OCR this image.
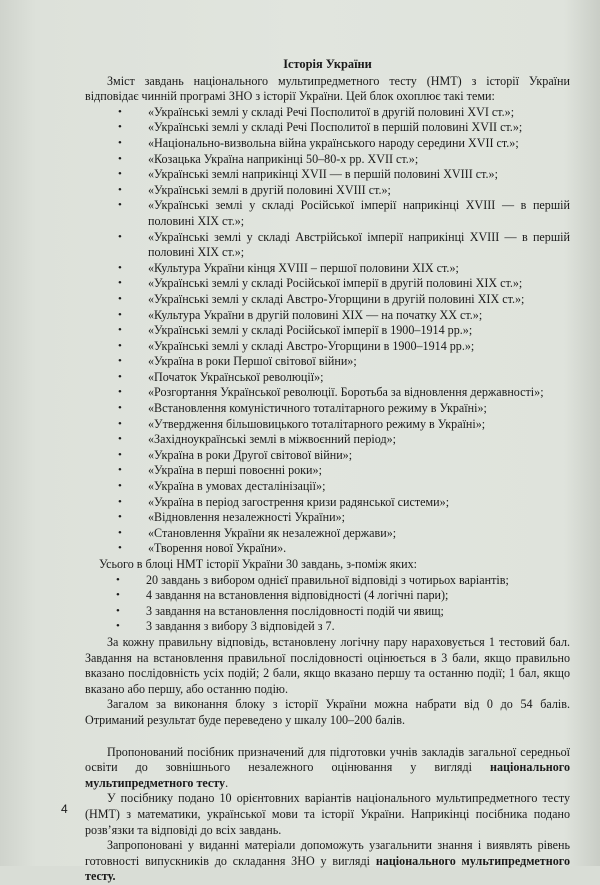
Історія України

Зміст завдань національного мультипредметного тесту (НМТ) з історії України відповідає чинній програмі ЗНО з історії України. Цей блок охоплює такі теми:

• «Українські землі у складі Речі Посполитої в другій половині XVI ст.»;
• «Українські землі у складі Речі Посполитої в першій половині XVII ст.»;
• «Національно-визвольна війна українського народу середини XVII ст.»;
• «Козацька Україна наприкінці 50–80-х рр. XVII ст.»;
• «Українські землі наприкінці XVII — в першій половині XVIII ст.»;
• «Українські землі в другій половині XVIII ст.»;
• «Українські землі у складі Російської імперії наприкінці XVIII — в першій половині XIX ст.»;
• «Українські землі у складі Австрійської імперії наприкінці XVIII — в першій половині XIX ст.»;
• «Культура України кінця XVIII – першої половини XIX ст.»;
• «Українські землі у складі Російської імперії в другій половині XIX ст.»;
• «Українські землі у складі Австро-Угорщини в другій половині XIX ст.»;
• «Культура України в другій половині XIX — на початку XX ст.»;
• «Українські землі у складі Російської імперії в 1900–1914 рр.»;
• «Українські землі у складі Австро-Угорщини в 1900–1914 рр.»;
• «Україна в роки Першої світової війни»;
• «Початок Української революції»;
• «Розгортання Української революції. Боротьба за відновлення державності»;
• «Встановлення комуністичного тоталітарного режиму в Україні»;
• «Утвердження більшовицького тоталітарного режиму в Україні»;
• «Західноукраїнські землі в міжвоєнний період»;
• «Україна в роки Другої світової війни»;
• «Україна в перші повоєнні роки»;
• «Україна в умовах десталінізації»;
• «Україна в період загострення кризи радянської системи»;
• «Відновлення незалежності України»;
• «Становлення України як незалежної держави»;
• «Творення нової України».

Усього в блоці НМТ історії України 30 завдань, з-поміж яких:

• 20 завдань з вибором однієї правильної відповіді з чотирьох варіантів;
• 4 завдання на встановлення відповідності (4 логічні пари);
• 3 завдання на встановлення послідовності подій чи явищ;
• 3 завдання з вибору 3 відповідей з 7.

За кожну правильну відповідь, встановлену логічну пару нараховується 1 тестовий бал. Завдання на встановлення правильної послідовності оцінюється в 3 бали, якщо правильно вказано послідовність усіх подій; 2 бали, якщо вказано першу та останню події; 1 бал, якщо вказано або першу, або останню подію.

Загалом за виконання блоку з історії України можна набрати від 0 до 54 балів. Отриманий результат буде переведено у шкалу 100–200 балів.

Пропонований посібник призначений для підготовки учнів закладів загальної середньої освіти до зовнішнього незалежного оцінювання у вигляді національного мультипредметного тесту.

У посібнику подано 10 орієнтовних варіантів національного мультипредметного тесту (НМТ) з математики, української мови та історії України. Наприкінці посібника подано розв’язки та відповіді до всіх завдань.

Запропоновані у виданні матеріали допоможуть узагальнити знання і виявлять рівень готовності випускників до складання ЗНО у вигляді національного мультипредметного тесту.

4
